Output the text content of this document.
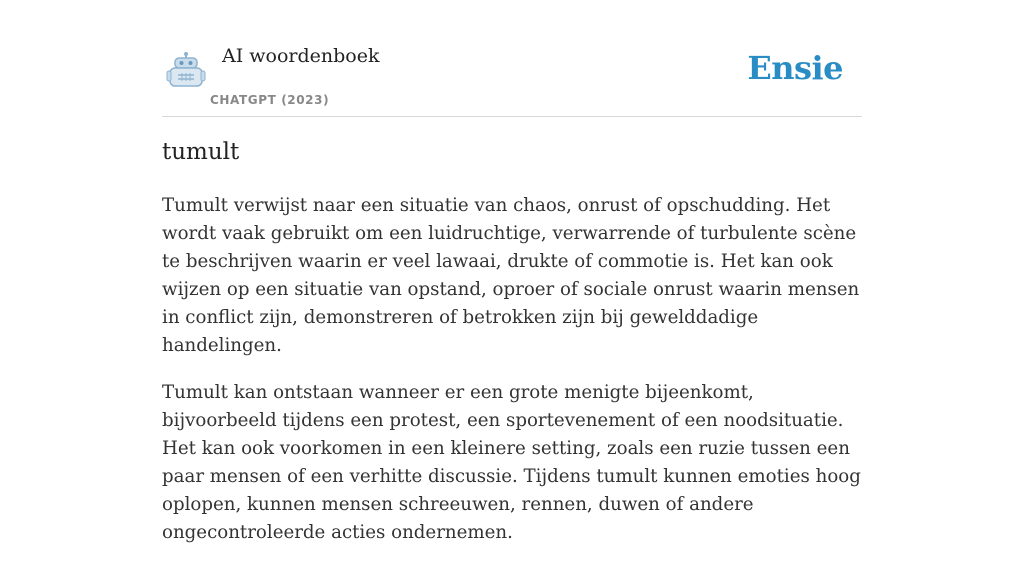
AI woordenboek
CHATGPT (2023)
Ensie
tumult

Tumult verwijst naar een situatie van chaos, onrust of opschudding. Het wordt vaak gebruikt om een luidruchtige, verwarrende of turbulente scène te beschrijven waarin er veel lawaai, drukte of commotie is. Het kan ook wijzen op een situatie van opstand, oproer of sociale onrust waarin mensen in conflict zijn, demonstreren of betrokken zijn bij gewelddadige handelingen.

Tumult kan ontstaan wanneer er een grote menigte bijeenkomt, bijvoorbeeld tijdens een protest, een sportevenement of een noodsituatie. Het kan ook voorkomen in een kleinere setting, zoals een ruzie tussen een paar mensen of een verhitte discussie. Tijdens tumult kunnen emoties hoog oplopen, kunnen mensen schreeuwen, rennen, duwen of andere ongecontroleerde acties ondernemen.
